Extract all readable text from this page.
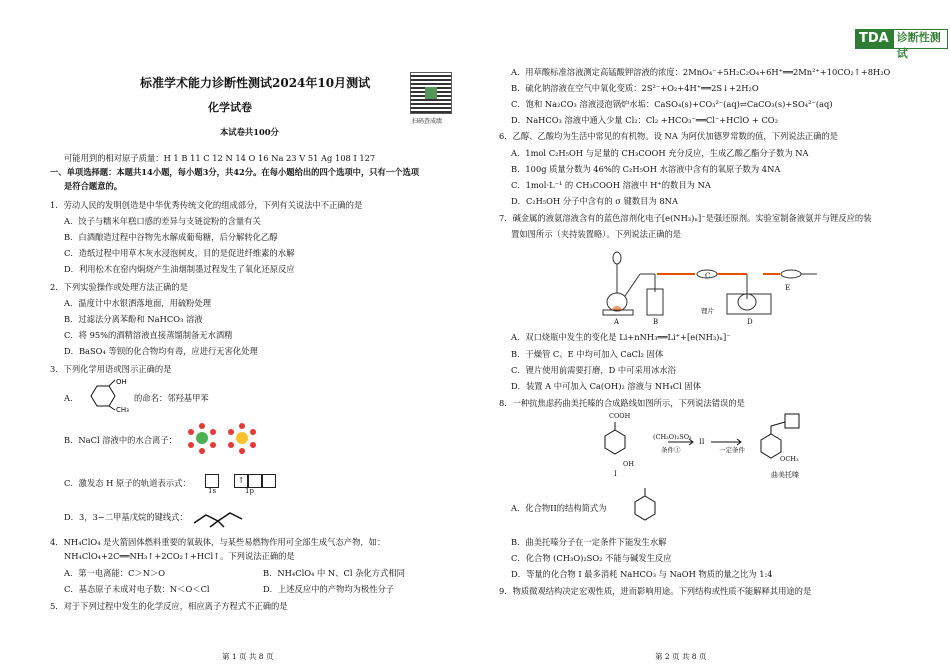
TDA 诊断性测试
标准学术能力诊断性测试2024年10月测试
化学试卷
本试卷共100分
扫码查成绩
可能用到的相对原子质量：H 1 B 11 C 12 N 14 O 16 Na 23 V 51 Ag 108 I 127
一、单项选择题：本题共14小题，每小题3分，共42分。在每小题给出的四个选项中，只有一个选项
是符合题意的。
1．劳动人民的发明创造是中华优秀传统文化的组成部分，下列有关说法中不正确的是
A．饺子与糯米年糕口感的差异与支链淀粉的含量有关
B．白酒酿造过程中谷物先水解成葡萄糖，后分解转化乙醇
C．造纸过程中用草木灰水浸泡树皮，目的是促进纤维素的水解
D．利用松木在窑内焖烧产生油烟制墨过程发生了氧化还原反应
2．下列实验操作或处理方法正确的是
A．温度计中水银洒落地面，用硫粉处理
B．过滤法分离苯酚和 NaHCO₃ 溶液
C．将 95%的酒精溶液直接蒸馏制备无水酒精
D．BaSO₄ 等钡的化合物均有毒，应进行无害化处理
3．下列化学用语或图示正确的是
A．
OH
CH₃
的命名：邻羟基甲苯
B．NaCl 溶液中的水合离子：
C．激发态 H 原子的轨道表示式：
	↑
1s	1p
D．3，3−二甲基戊烷的键线式：
4．NH₄ClO₄ 是火箭固体燃料重要的氧载体，与某些易燃物作用可全部生成气态产物，如：
NH₄ClO₄+2C══NH₃↑+2CO₂↑+HCl↑。下列说法正确的是
A．第一电离能：C＞N＞O	B．NH₄ClO₄ 中 N、Cl 杂化方式相同
C．基态原子未成对电子数：N＜O＜Cl	D．上述反应中的产物均为极性分子
5．对于下列过程中发生的化学反应，相应离子方程式不正确的是
第 1 页 共 8 页
A．用草酸标准溶液测定高锰酸钾溶液的浓度：2MnO₄⁻+5H₂C₂O₄+6H⁺══2Mn²⁺+10CO₂↑+8H₂O
B．硫化钠溶液在空气中氧化变质：2S²⁻+O₂+4H⁺══2S↓+2H₂O
C．饱和 Na₂CO₃ 溶液浸泡锅炉水垢：CaSO₄(s)+CO₃²⁻(aq)⇌CaCO₃(s)+SO₄²⁻(aq)
D．NaHCO₃ 溶液中通入少量 Cl₂：Cl₂ +HCO₃⁻══Cl⁻+HClO + CO₂
6．乙醇、乙酸均为生活中常见的有机物。设 NA 为阿伏加德罗常数的值，下列说法正确的是
A．1mol C₂H₅OH 与足量的 CH₃COOH 充分反应，生成乙酸乙酯分子数为 NA
B．100g 质量分数为 46%的 C₂H₅OH 水溶液中含有的氧原子数为 4NA
C．1mol·L⁻¹ 的 CH₃COOH 溶液中 H⁺的数目为 NA
D．C₂H₅OH 分子中含有的 σ 键数目为 8NA
7．碱金属的液氨溶液含有的蓝色溶剂化电子[e(NH₃)ₙ]⁻是强还原剂。实验室制备液氨并与锂反应的装
置如图所示（夹持装置略）。下列说法正确的是
A	B
C
D
E
锂片
A．双口烧瓶中发生的变化是 Li+nNH₃══Li⁺+[e(NH₃)ₙ]⁻
B．干燥管 C、E 中均可加入 CaCl₂ 固体
C．锂片使用前需要打磨，D 中可采用冰水浴
D．装置 A 中可加入 Ca(OH)₂ 溶液与 NH₄Cl 固体
8．一种抗焦虑药曲美托嗪的合成路线如图所示，下列说法错误的是
COOH
OH
I
(CH₃O)₂SO₂
条件①
II
一定条件
曲美托嗪
OCH₃
A．化合物II的结构简式为
B．曲美托嗪分子在一定条件下能发生水解
C．化合物 (CH₃O)₂SO₂ 不能与碱发生反应
D．等量的化合物 I 最多消耗 NaHCO₃ 与 NaOH 物质的量之比为 1:4
9．物质微观结构决定宏观性质，进而影响用途。下列结构或性质不能解释其用途的是
第 2 页 共 8 页
